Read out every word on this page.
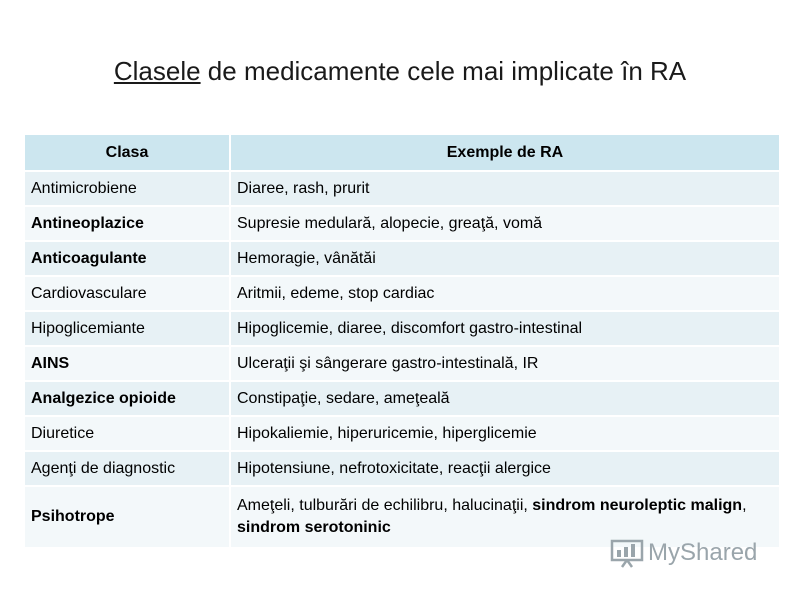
Clasele de medicamente cele mai implicate în RA
Clasa	Exemple de RA
Antimicrobiene	Diaree, rash, prurit
Antineoplazice	Supresie medulară, alopecie, greaţă, vomă
Anticoagulante	Hemoragie, vânătăi
Cardiovasculare	Aritmii, edeme, stop cardiac
Hipoglicemiante	Hipoglicemie, diaree, discomfort gastro-intestinal
AINS	Ulceraţii şi sângerare gastro-intestinală, IR
Analgezice opioide	Constipaţie, sedare, ameţeală
Diuretice	Hipokaliemie, hiperuricemie, hiperglicemie
Agenţi de diagnostic	Hipotensiune, nefrotoxicitate, reacţii alergice
Psihotrope	Ameţeli, tulburări de echilibru, halucinaţii, sindrom neuroleptic malign, sindrom serotoninic
MyShared
